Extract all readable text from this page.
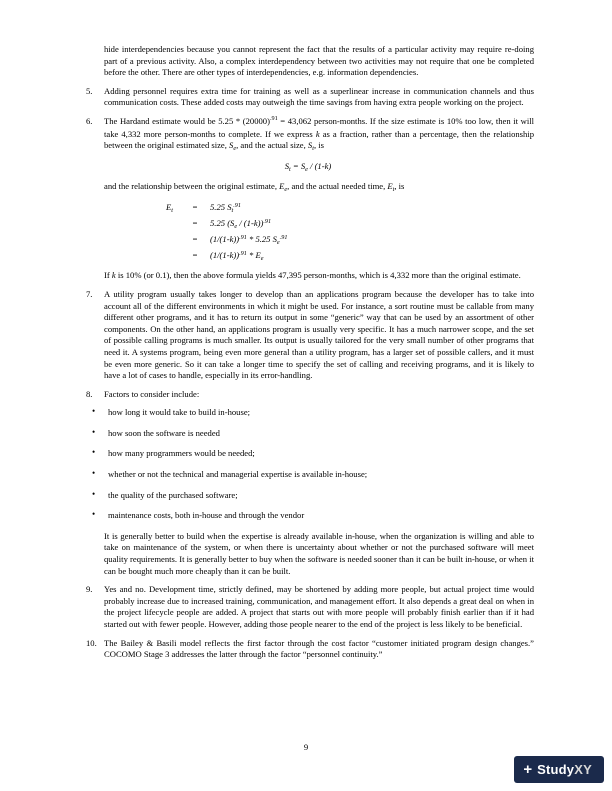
hide interdependencies because you cannot represent the fact that the results of a particular activity may require re-doing part of a previous activity. Also, a complex interdependency between two activities may not require that one be completed before the other. There are other types of interdependencies, e.g. information dependencies.
5.	Adding personnel requires extra time for training as well as a superlinear increase in communication channels and thus communication costs. These added costs may outweigh the time savings from having extra people working on the project.
6.	The Hardand estimate would be $5.25 * (20000)^{.91} = 43,062$ person-months. If the size estimate is 10% too low, then it will take 4,332 more person-months to complete. If we express k as a fraction, rather than a percentage, then the relationship between the original estimated size, $S_e$, and the actual size, $S_t$, is
$S_t = S_e / (1-k)$
and the relationship between the original estimate, $E_e$, and the actual needed time, $E_t$, is
$E_t$	=	5.25 $S_t^{.91}$
=	5.25 $(S_e / (1-k))^{.91}$
=	$(1/(1-k))^{.91} * 5.25$ $S_e^{.91}$
=	$(1/(1-k))^{.91} * E_e$
If k is 10% (or 0.1), then the above formula yields 47,395 person-months, which is 4,332 more than the original estimate.
7.	A utility program usually takes longer to develop than an applications program because the developer has to take into account all of the different environments in which it might be used. For instance, a sort routine must be callable from many different other programs, and it has to return its output in some “generic” way that can be used by an assortment of other components. On the other hand, an applications program is usually very specific. It has a much narrower scope, and the set of possible calling programs is much smaller. Its output is usually tailored for the very small number of other programs that need it. A systems program, being even more general than a utility program, has a larger set of possible callers, and it must be even more generic. So it can take a longer time to specify the set of calling and receiving programs, and it is likely to have a lot of cases to handle, especially in its error-handling.
8.	Factors to consider include:
• how long it would take to build in-house;
• how soon the software is needed
• how many programmers would be needed;
• whether or not the technical and managerial expertise is available in-house;
• the quality of the purchased software;
• maintenance costs, both in-house and through the vendor
It is generally better to build when the expertise is already available in-house, when the organization is willing and able to take on maintenance of the system, or when there is uncertainty about whether or not the purchased software will meet quality requirements. It is generally better to buy when the software is needed sooner than it can be built in-house, or when it can be bought much more cheaply than it can be built.
9.	Yes and no. Development time, strictly defined, may be shortened by adding more people, but actual project time would probably increase due to increased training, communication, and management effort. It also depends a great deal on when in the project lifecycle people are added. A project that starts out with more people will probably finish earlier than if it had started out with fewer people. However, adding those people nearer to the end of the project is less likely to be beneficial.
10. The Bailey & Basili model reflects the first factor through the cost factor “customer initiated program design changes.” COCOMO Stage 3 addresses the latter through the factor “personnel continuity.”
9
+ StudyXY
